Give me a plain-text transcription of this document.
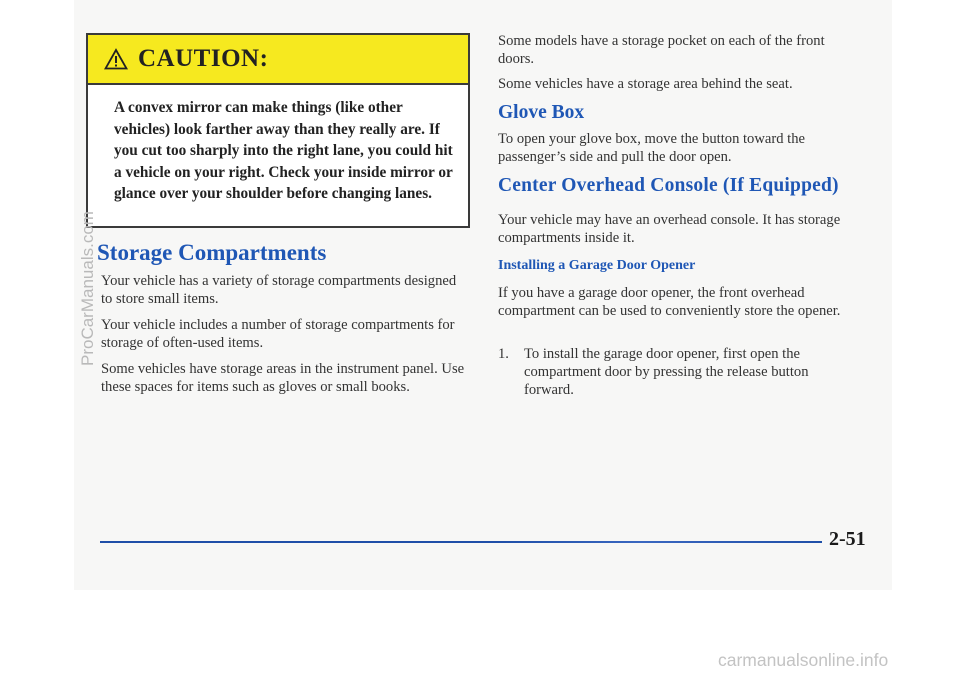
CAUTION:
A convex mirror can make things (like other vehicles) look farther away than they really are. If you cut too sharply into the right lane, you could hit a vehicle on your right. Check your inside mirror or glance over your shoulder before changing lanes.
Storage Compartments

Your vehicle has a variety of storage compartments designed to store small items.

Your vehicle includes a number of storage compartments for storage of often-used items.

Some vehicles have storage areas in the instrument panel. Use these spaces for items such as gloves or small books.

Some models have a storage pocket on each of the front doors.

Some vehicles have a storage area behind the seat.

Glove Box

To open your glove box, move the button toward the passenger’s side and pull the door open.

Center Overhead Console (If Equipped)

Your vehicle may have an overhead console. It has storage compartments inside it.

Installing a Garage Door Opener

If you have a garage door opener, the front overhead compartment can be used to conveniently store the opener.

1. To install the garage door opener, first open the compartment door by pressing the release button forward.

2-51

ProCarManuals.com
carmanualsonline.info
